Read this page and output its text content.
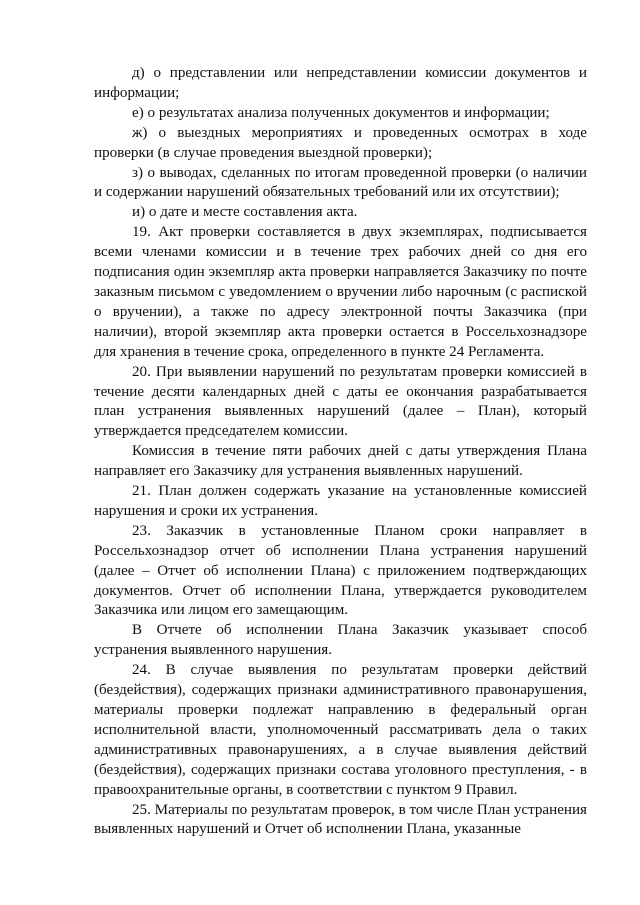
д) о представлении или непредставлении комиссии документов и информации;

е) о результатах анализа полученных документов и информации;

ж) о выездных мероприятиях и проведенных осмотрах в ходе проверки (в случае проведения выездной проверки);

з) о выводах, сделанных по итогам проведенной проверки (о наличии и содержании нарушений обязательных требований или их отсутствии);

и) о дате и месте составления акта.

19. Акт проверки составляется в двух экземплярах, подписывается всеми членами комиссии и в течение трех рабочих дней со дня его подписания один экземпляр акта проверки направляется Заказчику по почте заказным письмом с уведомлением о вручении либо нарочным (с распиской о вручении), а также по адресу электронной почты Заказчика (при наличии), второй экземпляр акта проверки остается в Россельхознадзоре для хранения в течение срока, определенного в пункте 24 Регламента.

20. При выявлении нарушений по результатам проверки комиссией в течение десяти календарных дней с даты ее окончания разрабатывается план устранения выявленных нарушений (далее – План), который утверждается председателем комиссии.

Комиссия в течение пяти рабочих дней с даты утверждения Плана направляет его Заказчику для устранения выявленных нарушений.

21. План должен содержать указание на установленные комиссией нарушения и сроки их устранения.

23. Заказчик в установленные Планом сроки направляет в Россельхознадзор отчет об исполнении Плана устранения нарушений (далее – Отчет об исполнении Плана) с приложением подтверждающих документов. Отчет об исполнении Плана, утверждается руководителем Заказчика или лицом его замещающим.

В Отчете об исполнении Плана Заказчик указывает способ устранения выявленного нарушения.

24. В случае выявления по результатам проверки действий (бездействия), содержащих признаки административного правонарушения, материалы проверки подлежат направлению в федеральный орган исполнительной власти, уполномоченный рассматривать дела о таких административных правонарушениях, а в случае выявления действий (бездействия), содержащих признаки состава уголовного преступления, - в правоохранительные органы, в соответствии с пунктом 9 Правил.

25. Материалы по результатам проверок, в том числе План устранения выявленных нарушений и Отчет об исполнении Плана, указанные
